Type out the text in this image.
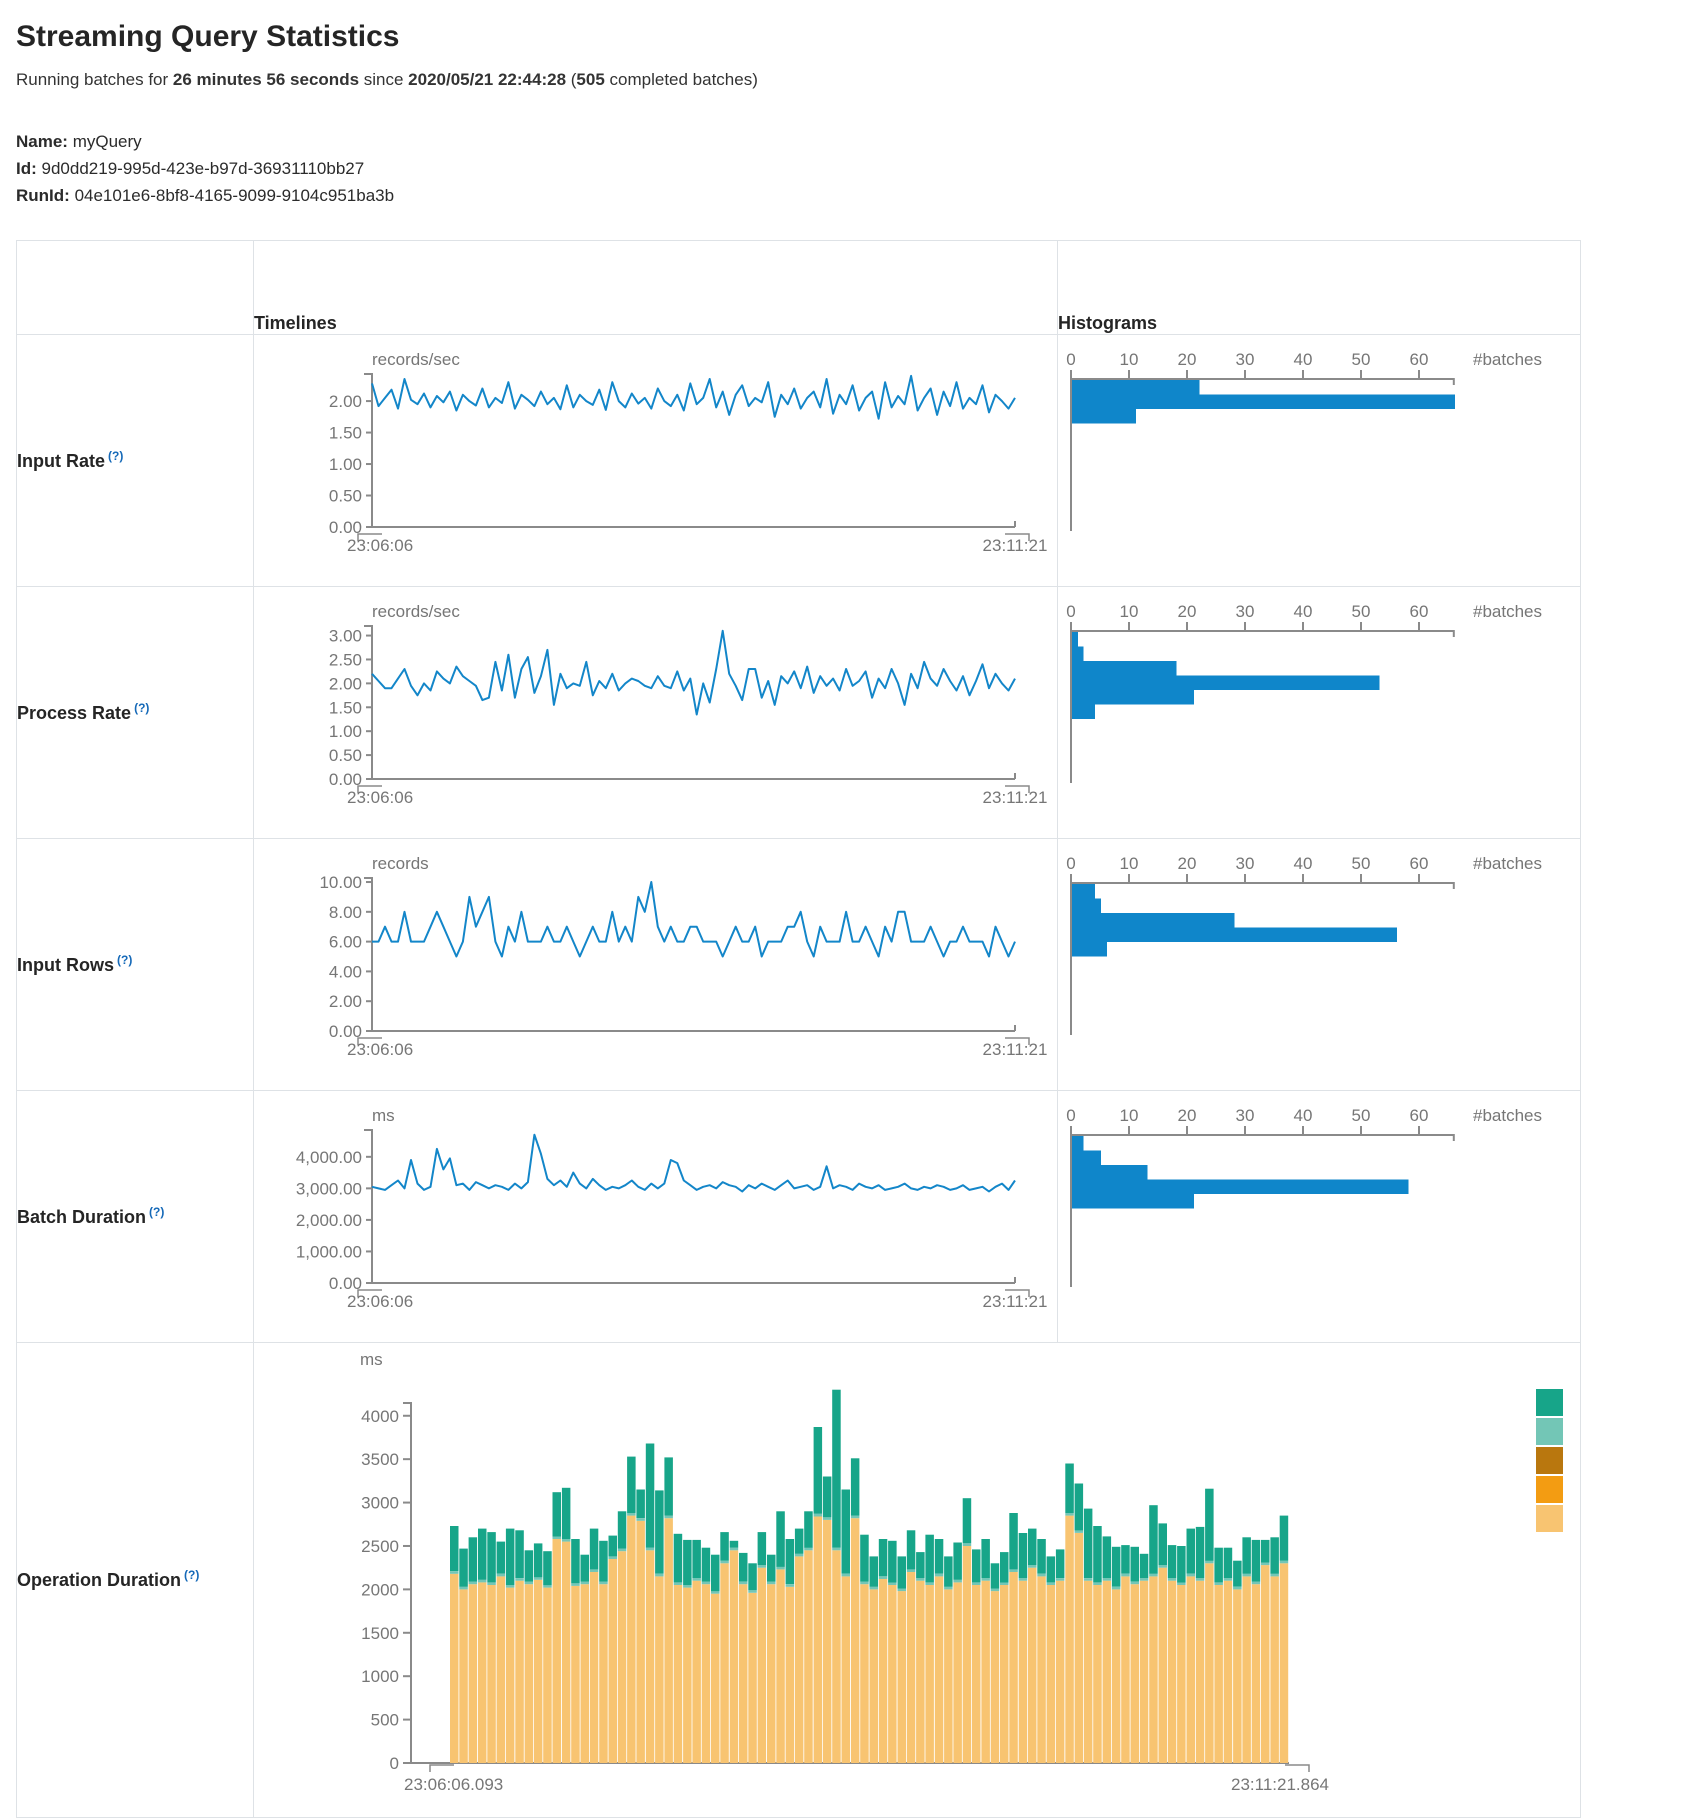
Streaming Query Statistics
Running batches for 26 minutes 56 seconds since 2020/05/21 22:44:28 (505 completed batches)
Name: myQuery
Id: 9d0dd219-995d-423e-b97d-36931110bb27
RunId: 04e101e6-8bf8-4165-9099-9104c951ba3b
	Timelines	Histograms
Input Rate (?)	
records/sec
2.00
1.50
1.00
0.50
0.00
23:06:06	23:11:21

0	10 20 30 40 50 60	#batches

Process Rate (?)	
records/sec
3.00
2.50
2.00
1.50
1.00
0.50
0.00
23:06:06	23:11:21

0	10 20 30 40 50 60	#batches

Input Rows (?)	
records
10.00
8.00
6.00
4.00
2.00
0.00
23:06:06	23:11:21

0	10 20 30 40 50 60	#batches

Batch Duration (?)	
ms
4,000.00
3,000.00
2,000.00
1,000.00
0.00
23:06:06	23:11:21

0	10 20 30 40 50 60	#batches

Operation Duration (?)	
ms
4000
3500
3000
2500
2000
1500
1000
500
0
23:06:06.093	23:11:21.864
